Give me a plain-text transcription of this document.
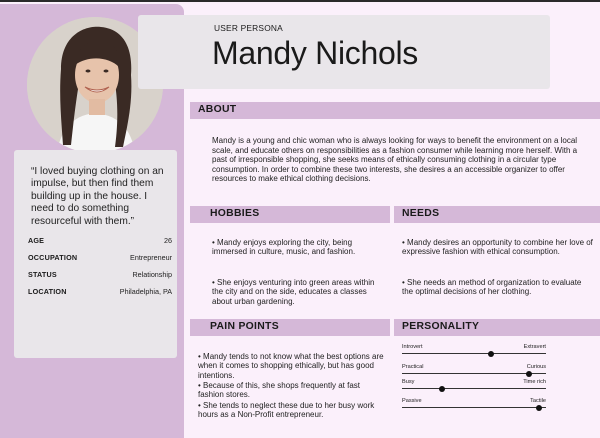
“I loved buying clothing on an impulse, but then find them building up in the house. I need to do something resourceful with them.”
AGE	26
OCCUPATION	Entrepreneur
STATUS	Relationship
LOCATION	Philadelphia, PA
USER PERSONA
Mandy Nichols
ABOUT
Mandy is a young and chic woman who is always looking for ways to benefit the environment on a local scale, and educate others on responsibilities as a fashion consumer while learning more herself. With a past of irresponsible shopping, she seeks means of ethically consuming clothing in a circular type consumption. In order to combine these two interests, she desires a an accessible organizer to offer resources to make ethical clothing decisions.
HOBBIES
• Mandy enjoys exploring the city, being immersed in culture, music, and fashion.
• She enjoys venturing into green areas within the city and on the side, educates a classes about urban gardening.
NEEDS
• Mandy desires an opportunity to combine her love of expressive fashion with ethical consumption.
• She needs an method of organization to evaluate the optimal decisions of her clothing.
PAIN POINTS
• Mandy tends to not know what the best options are when it comes to shopping ethically, but has good intentions.
• Because of this, she shops frequently at fast fashion stores.
• She tends to neglect these due to her busy work hours as a Non-Profit entrepreneur.
PERSONALITY
Introvert	Extravert
Practical	Curious
Busy	Time rich
Passive	Tactile
